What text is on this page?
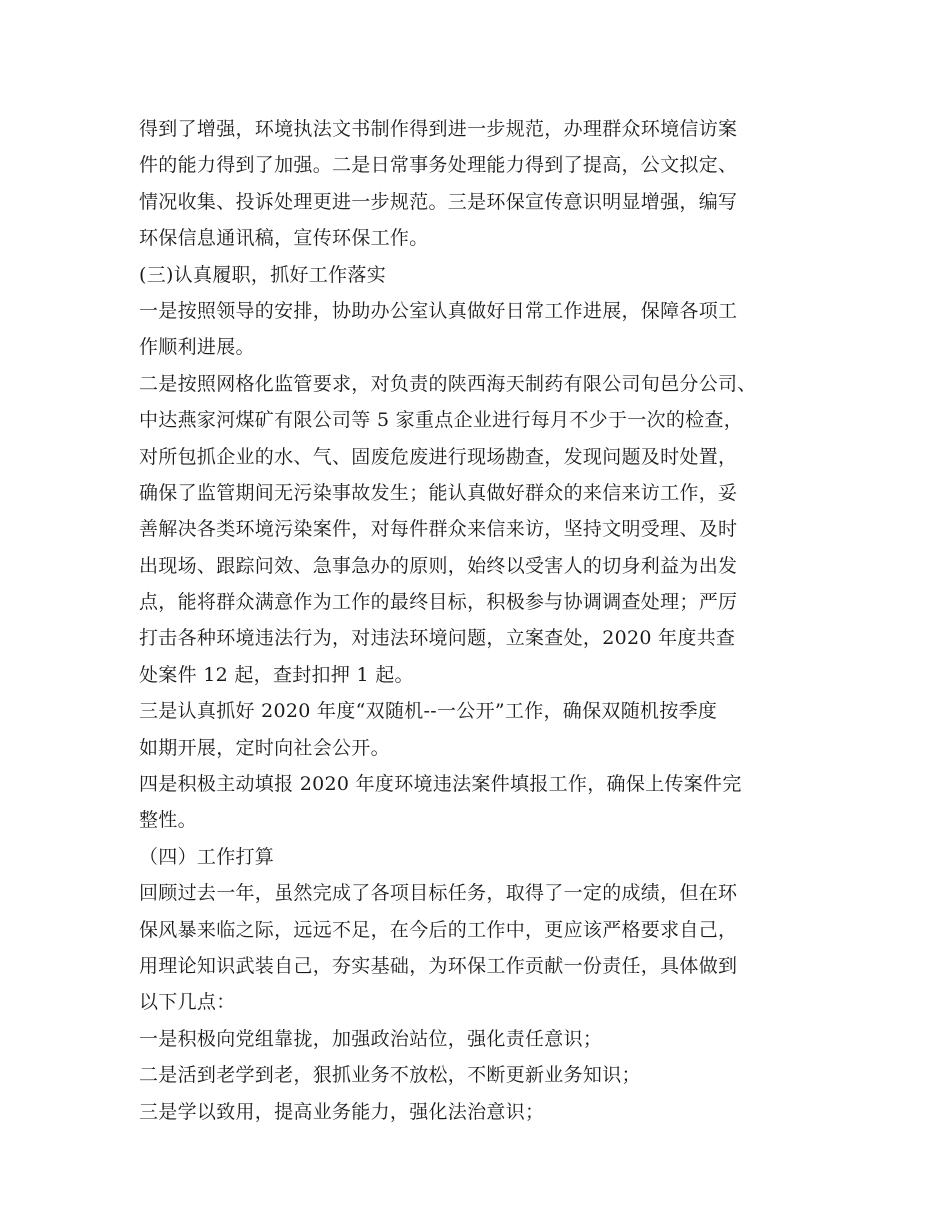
得到了增强，环境执法文书制作得到进一步规范，办理群众环境信访案
件的能力得到了加强。二是日常事务处理能力得到了提高，公文拟定、
情况收集、投诉处理更进一步规范。三是环保宣传意识明显增强，编写
环保信息通讯稿，宣传环保工作。
(三)认真履职，抓好工作落实
一是按照领导的安排，协助办公室认真做好日常工作进展，保障各项工
作顺利进展。
二是按照网格化监管要求，对负责的陕西海天制药有限公司旬邑分公司、
中达燕家河煤矿有限公司等 5 家重点企业进行每月不少于一次的检查，
对所包抓企业的水、气、固废危废进行现场勘查，发现问题及时处置，
确保了监管期间无污染事故发生；能认真做好群众的来信来访工作，妥
善解决各类环境污染案件，对每件群众来信来访，坚持文明受理、及时
出现场、跟踪问效、急事急办的原则，始终以受害人的切身利益为出发
点，能将群众满意作为工作的最终目标，积极参与协调调查处理；严厉
打击各种环境违法行为，对违法环境问题，立案查处，2020 年度共查
处案件 12 起，查封扣押 1 起。
三是认真抓好 2020 年度“双随机--一公开”工作，确保双随机按季度
如期开展，定时向社会公开。
四是积极主动填报 2020 年度环境违法案件填报工作，确保上传案件完
整性。
（四）工作打算
回顾过去一年，虽然完成了各项目标任务，取得了一定的成绩，但在环
保风暴来临之际，远远不足，在今后的工作中，更应该严格要求自己，
用理论知识武装自己，夯实基础，为环保工作贡献一份责任，具体做到
以下几点：
一是积极向党组靠拢，加强政治站位，强化责任意识；
二是活到老学到老，狠抓业务不放松，不断更新业务知识；
三是学以致用，提高业务能力，强化法治意识；
